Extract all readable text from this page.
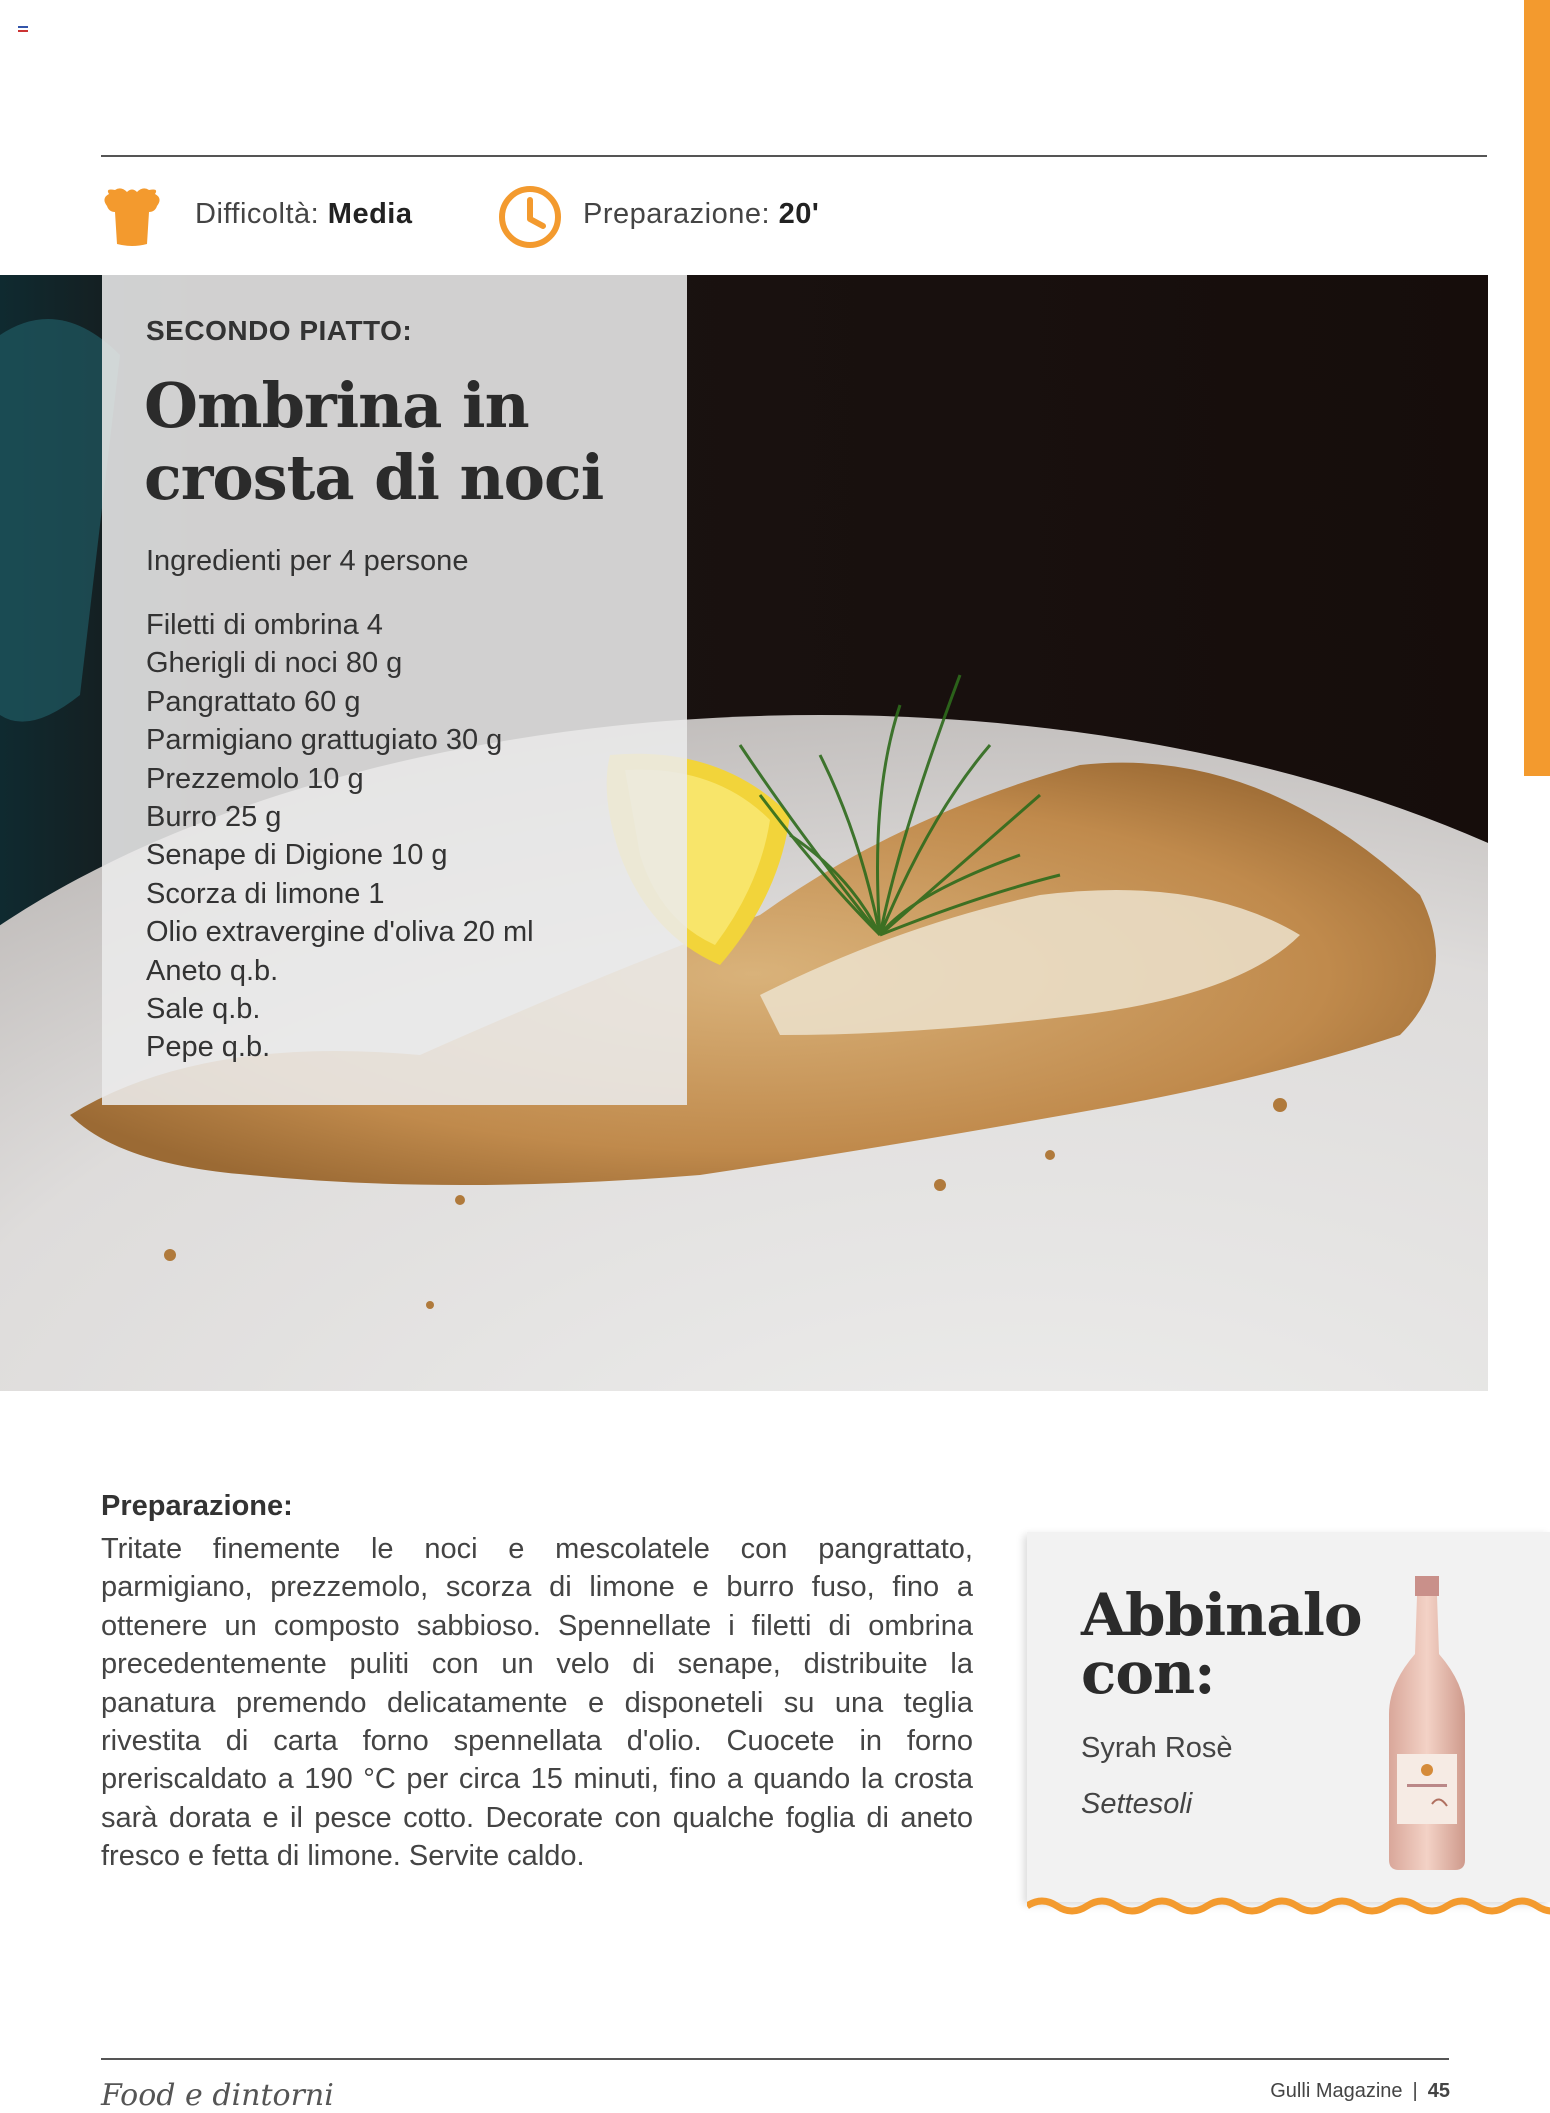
Difficoltà: Media	Preparazione: 20'
SECONDO PIATTO:
Ombrina in
crosta di noci
Ingredienti per 4 persone
Filetti di ombrina 4
Gherigli di noci 80 g
Pangrattato 60 g
Parmigiano grattugiato 30 g
Prezzemolo 10 g
Burro 25 g
Senape di Digione 10 g
Scorza di limone 1
Olio extravergine d'oliva 20 ml
Aneto q.b.
Sale q.b.
Pepe q.b.
Preparazione:
Tritate finemente le noci e mescolatele con pangrattato, parmigiano, prezzemolo, scorza di limone e burro fuso, fino a ottenere un composto sabbioso. Spennellate i filetti di ombrina precedentemente puliti con un velo di senape, distribuite la panatura premendo delicatamente e disponeteli su una teglia rivestita di carta forno spennellata d'olio. Cuocete in forno preriscaldato a 190 °C per circa 15 minuti, fino a quando la crosta sarà dorata e il pesce cotto. Decorate con qualche foglia di aneto fresco e fetta di limone. Servite caldo.
Abbinalo
con:
Syrah Rosè
Settesoli
Food e dintorni	Gulli Magazine | 45
